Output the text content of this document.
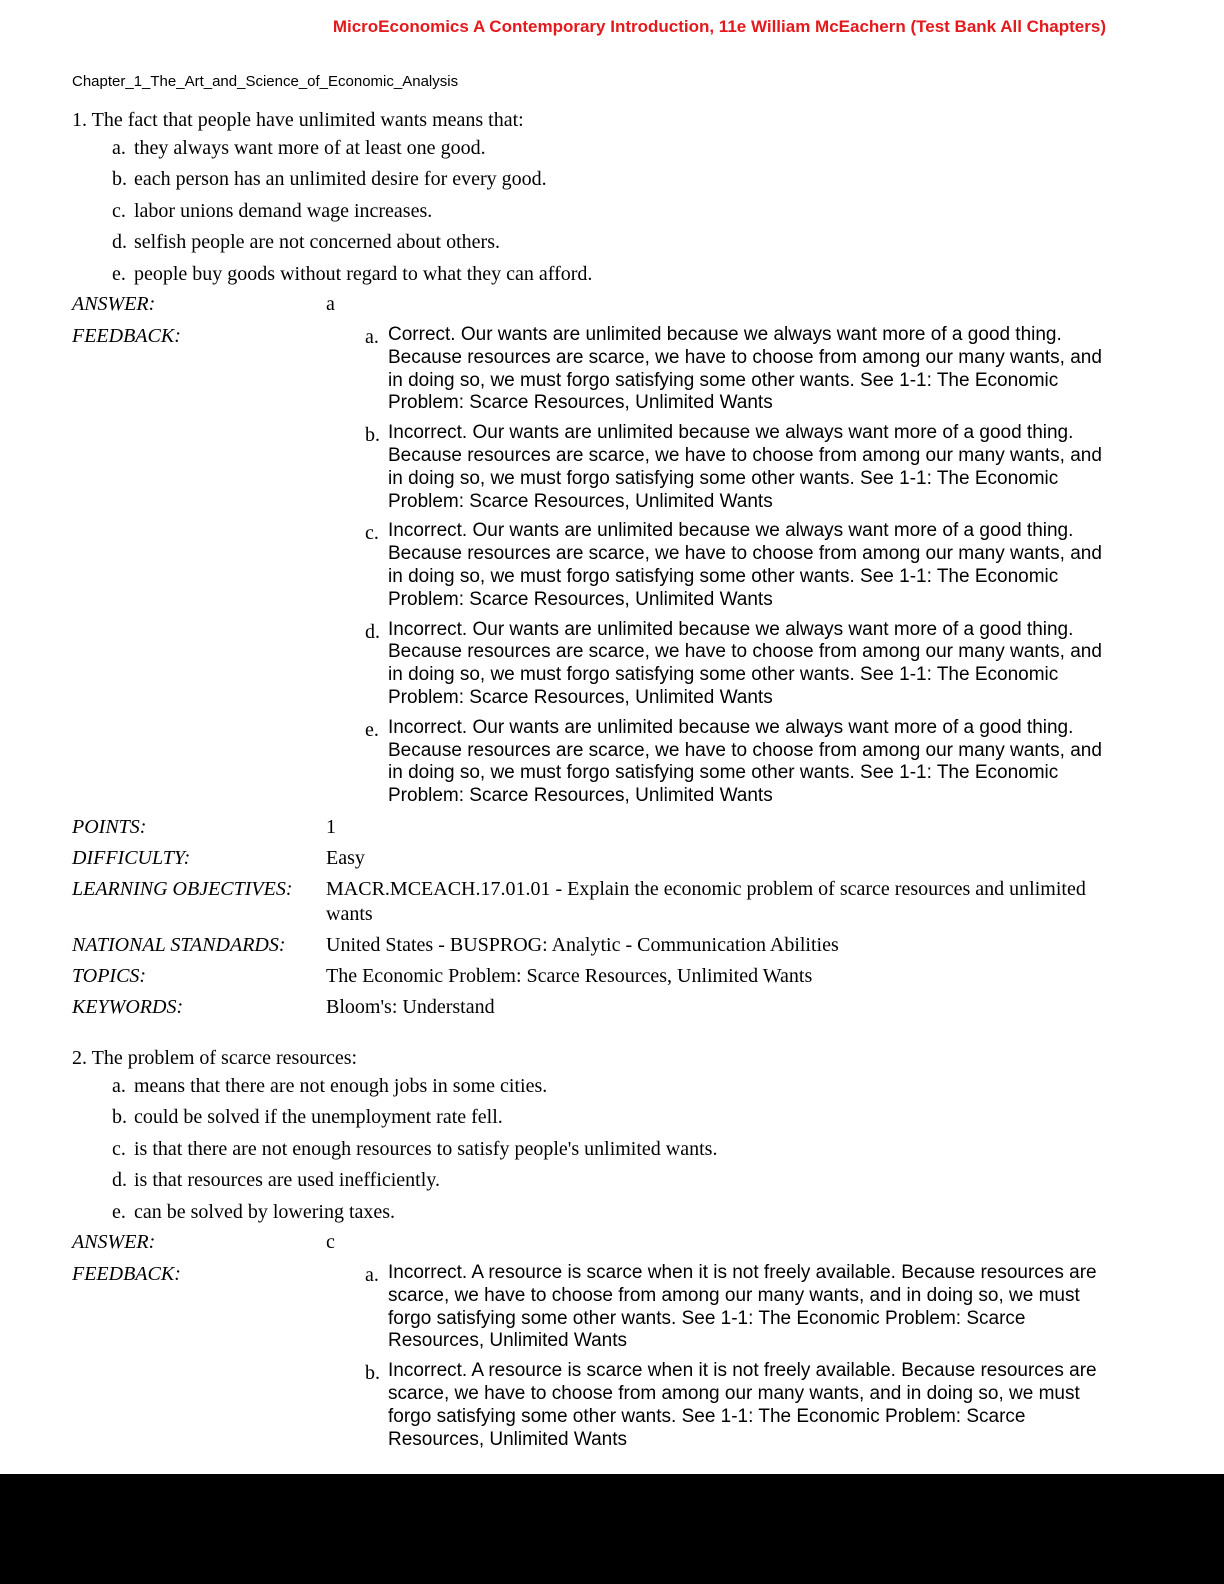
MicroEconomics A Contemporary Introduction, 11e William McEachern (Test Bank All Chapters)
Chapter_1_The_Art_and_Science_of_Economic_Analysis
1. The fact that people have unlimited wants means that:
a. they always want more of at least one good.
b. each person has an unlimited desire for every good.
c. labor unions demand wage increases.
d. selfish people are not concerned about others.
e. people buy goods without regard to what they can afford.
ANSWER:	a
FEEDBACK:	a. Correct. Our wants are unlimited because we always want more of a good thing. Because resources are scarce, we have to choose from among our many wants, and in doing so, we must forgo satisfying some other wants. See 1-1: The Economic Problem: Scarce Resources, Unlimited Wants
b. Incorrect. Our wants are unlimited because we always want more of a good thing. Because resources are scarce, we have to choose from among our many wants, and in doing so, we must forgo satisfying some other wants. See 1-1: The Economic Problem: Scarce Resources, Unlimited Wants
c. Incorrect. Our wants are unlimited because we always want more of a good thing. Because resources are scarce, we have to choose from among our many wants, and in doing so, we must forgo satisfying some other wants. See 1-1: The Economic Problem: Scarce Resources, Unlimited Wants
d. Incorrect. Our wants are unlimited because we always want more of a good thing. Because resources are scarce, we have to choose from among our many wants, and in doing so, we must forgo satisfying some other wants. See 1-1: The Economic Problem: Scarce Resources, Unlimited Wants
e. Incorrect. Our wants are unlimited because we always want more of a good thing. Because resources are scarce, we have to choose from among our many wants, and in doing so, we must forgo satisfying some other wants. See 1-1: The Economic Problem: Scarce Resources, Unlimited Wants
POINTS:	1
DIFFICULTY:	Easy
LEARNING OBJECTIVES:	MACR.MCEACH.17.01.01 - Explain the economic problem of scarce resources and unlimited wants
NATIONAL STANDARDS:	United States - BUSPROG: Analytic - Communication Abilities
TOPICS:	The Economic Problem: Scarce Resources, Unlimited Wants
KEYWORDS:	Bloom's: Understand
2. The problem of scarce resources:
a. means that there are not enough jobs in some cities.
b. could be solved if the unemployment rate fell.
c. is that there are not enough resources to satisfy people's unlimited wants.
d. is that resources are used inefficiently.
e. can be solved by lowering taxes.
ANSWER:	c
FEEDBACK:	a. Incorrect. A resource is scarce when it is not freely available. Because resources are scarce, we have to choose from among our many wants, and in doing so, we must forgo satisfying some other wants. See 1-1: The Economic Problem: Scarce Resources, Unlimited Wants
b. Incorrect. A resource is scarce when it is not freely available. Because resources are scarce, we have to choose from among our many wants, and in doing so, we must forgo satisfying some other wants. See 1-1: The Economic Problem: Scarce Resources, Unlimited Wants
